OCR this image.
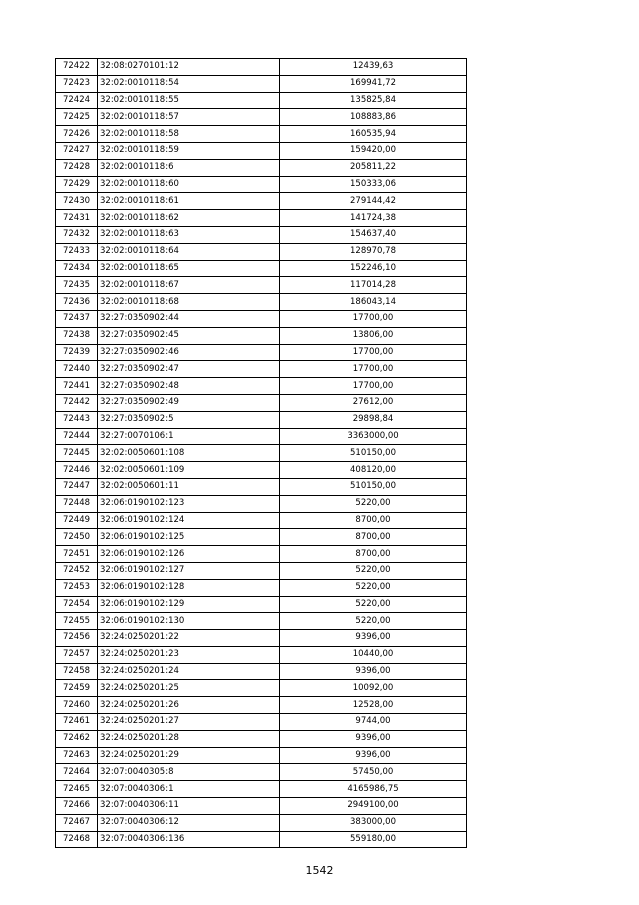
72422	32:08:0270101:12	12439,63
72423	32:02:0010118:54	169941,72
72424	32:02:0010118:55	135825,84
72425	32:02:0010118:57	108883,86
72426	32:02:0010118:58	160535,94
72427	32:02:0010118:59	159420,00
72428	32:02:0010118:6	205811,22
72429	32:02:0010118:60	150333,06
72430	32:02:0010118:61	279144,42
72431	32:02:0010118:62	141724,38
72432	32:02:0010118:63	154637,40
72433	32:02:0010118:64	128970,78
72434	32:02:0010118:65	152246,10
72435	32:02:0010118:67	117014,28
72436	32:02:0010118:68	186043,14
72437	32:27:0350902:44	17700,00
72438	32:27:0350902:45	13806,00
72439	32:27:0350902:46	17700,00
72440	32:27:0350902:47	17700,00
72441	32:27:0350902:48	17700,00
72442	32:27:0350902:49	27612,00
72443	32:27:0350902:5	29898,84
72444	32:27:0070106:1	3363000,00
72445	32:02:0050601:108	510150,00
72446	32:02:0050601:109	408120,00
72447	32:02:0050601:11	510150,00
72448	32:06:0190102:123	5220,00
72449	32:06:0190102:124	8700,00
72450	32:06:0190102:125	8700,00
72451	32:06:0190102:126	8700,00
72452	32:06:0190102:127	5220,00
72453	32:06:0190102:128	5220,00
72454	32:06:0190102:129	5220,00
72455	32:06:0190102:130	5220,00
72456	32:24:0250201:22	9396,00
72457	32:24:0250201:23	10440,00
72458	32:24:0250201:24	9396,00
72459	32:24:0250201:25	10092,00
72460	32:24:0250201:26	12528,00
72461	32:24:0250201:27	9744,00
72462	32:24:0250201:28	9396,00
72463	32:24:0250201:29	9396,00
72464	32:07:0040305:8	57450,00
72465	32:07:0040306:1	4165986,75
72466	32:07:0040306:11	2949100,00
72467	32:07:0040306:12	383000,00
72468	32:07:0040306:136	559180,00
1542
